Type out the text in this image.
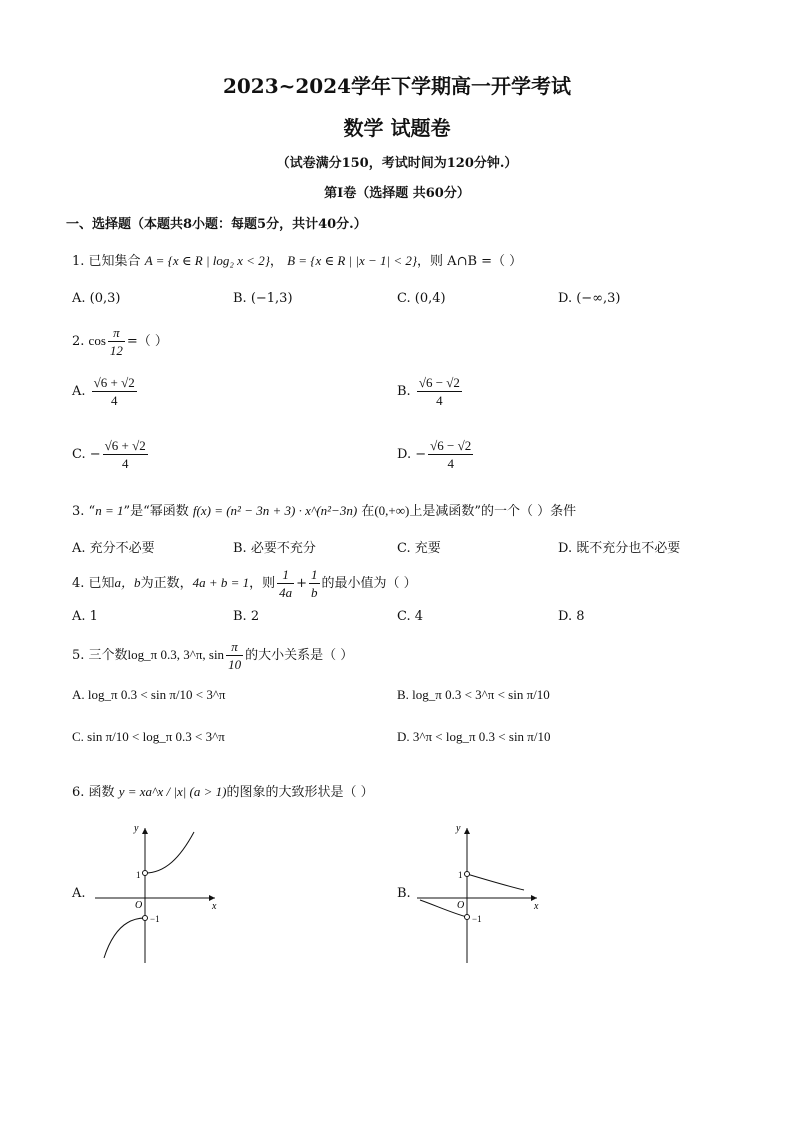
2023~2024学年下学期高一开学考试
数学 试题卷
（试卷满分150，考试时间为120分钟.）
第Ⅰ卷（选择题 共60分）
一、选择题（本题共8小题：每题5分，共计40分.）
1. 已知集合 A = {x ∈ R | log₂ x < 2}， B = {x ∈ R | |x − 1| < 2}，则 A∩B =（ ）
A. (0,3)	B. (−1,3)	C. (0,4)	D. (−∞,3)
2. $\cos \frac{\pi}{12}$ =（ ）
A. $\frac{√6 + √2}{4}$	B. $\frac{√6 - √2}{4}$
C. − $\frac{√6 + √2}{4}$	D. − $\frac{√6 - √2}{4}$
3. “n = 1”是“幂函数 f(x) = (n² − 3n + 3) · x^(n²−3n) 在(0,+∞)上是减函数”的一个（ ）条件
A. 充分不必要	B. 必要不充分	C. 充要	D. 既不充分也不必要
4. 已知a，b为正数，4a + b = 1，则 $\frac{1}{4a} + \frac{1}{b}$ 的最小值为（ ）
A. 1	B. 2	C. 4	D. 8
5. 三个数log_π 0.3, 3^π, $\sin \frac{\pi}{10}$ 的大小关系是（ ）
A. log_π 0.3 < sin π/10 < 3^π	B. log_π 0.3 < 3^π < sin π/10
C. sin π/10 < log_π 0.3 < 3^π	D. 3^π < log_π 0.3 < sin π/10
6. 函数 y = xa^x / |x| (a > 1)的图象的大致形状是（ ）
A.
y
x
O
1
−1
B.
y
x
O
1
−1
